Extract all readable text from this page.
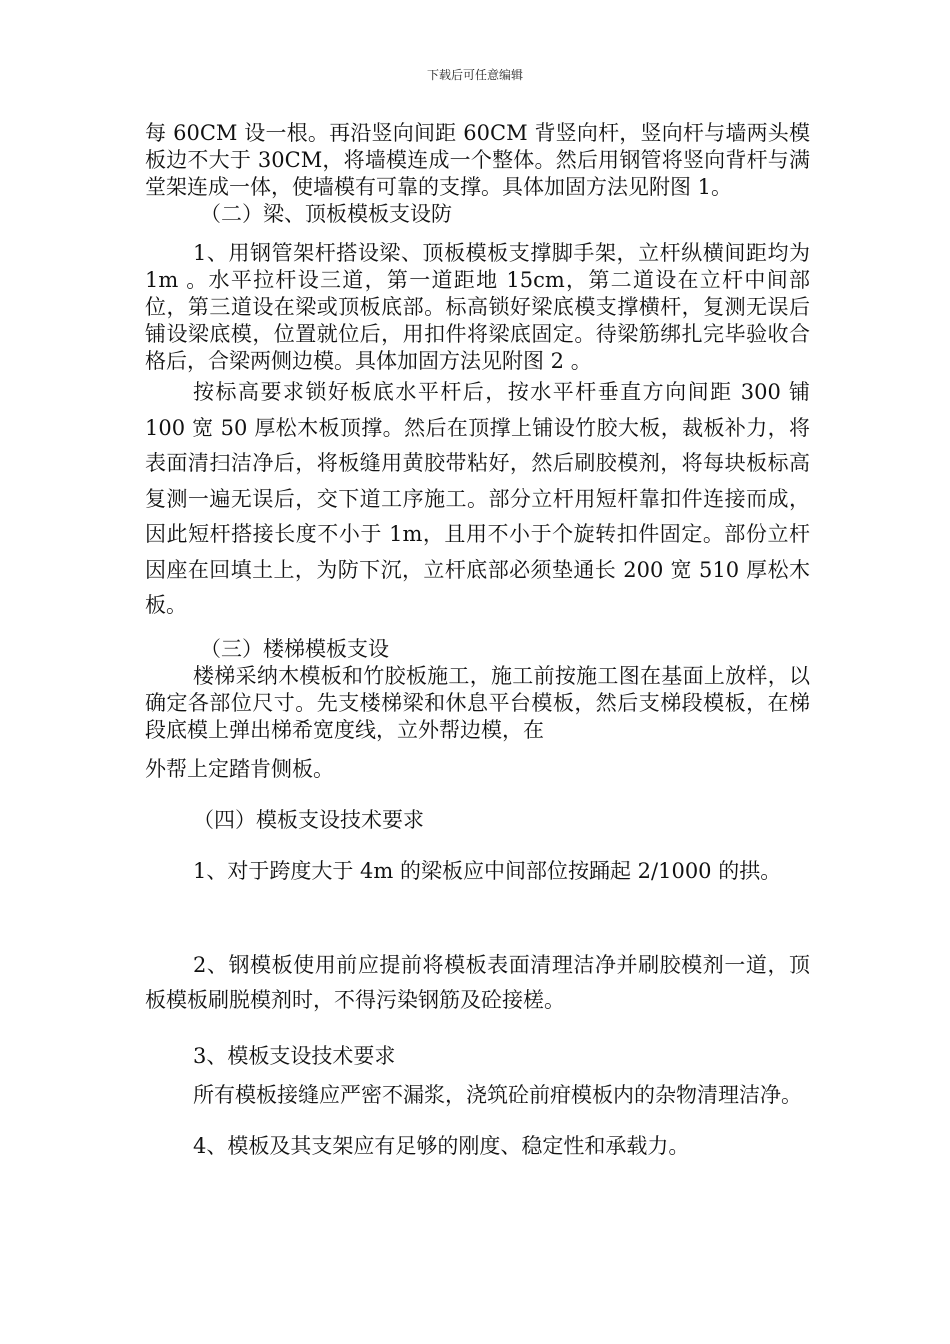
下载后可任意编辑

每 60CM 设一根。再沿竖向间距 60CM 背竖向杆，竖向杆与墙两头模板边不大于 30CM，将墙模连成一个整体。然后用钢管将竖向背杆与满堂架连成一体，使墙模有可靠的支撑。具体加固方法见附图 1。

（二）梁、顶板模板支设防

1、用钢管架杆搭设梁、顶板模板支撑脚手架，立杆纵横间距均为 1m 。水平拉杆设三道，第一道距地 15cm，第二道设在立杆中间部位，第三道设在梁或顶板底部。标高锁好梁底模支撑横杆，复测无误后铺设梁底模，位置就位后，用扣件将梁底固定。待梁筋绑扎完毕验收合格后，合梁两侧边模。具体加固方法见附图 2 。

按标高要求锁好板底水平杆后，按水平杆垂直方向间距 300 铺 100 宽 50 厚松木板顶撑。然后在顶撑上铺设竹胶大板，裁板补力，将表面清扫洁净后，将板缝用黄胶带粘好，然后刷胶模剂，将每块板标高复测一遍无误后，交下道工序施工。部分立杆用短杆靠扣件连接而成，因此短杆搭接长度不小于 1m，且用不小于个旋转扣件固定。部份立杆因座在回填土上，为防下沉，立杆底部必须垫通长 200 宽 510 厚松木板。

（三）楼梯模板支设

楼梯采纳木模板和竹胶板施工，施工前按施工图在基面上放样，以确定各部位尺寸。先支楼梯梁和休息平台模板，然后支梯段模板，在梯段底模上弹出梯希宽度线，立外帮边模，在

外帮上定踏肯侧板。

（四）模板支设技术要求

1、对于跨度大于 4m 的梁板应中间部位按踊起 2/1000 的拱。

2、钢模板使用前应提前将模板表面清理洁净并刷胶模剂一道，顶板模板刷脱模剂时，不得污染钢筋及砼接槎。

3、模板支设技术要求

所有模板接缝应严密不漏浆，浇筑砼前疳模板内的杂物清理洁净。

4、模板及其支架应有足够的刚度、稳定性和承载力。
